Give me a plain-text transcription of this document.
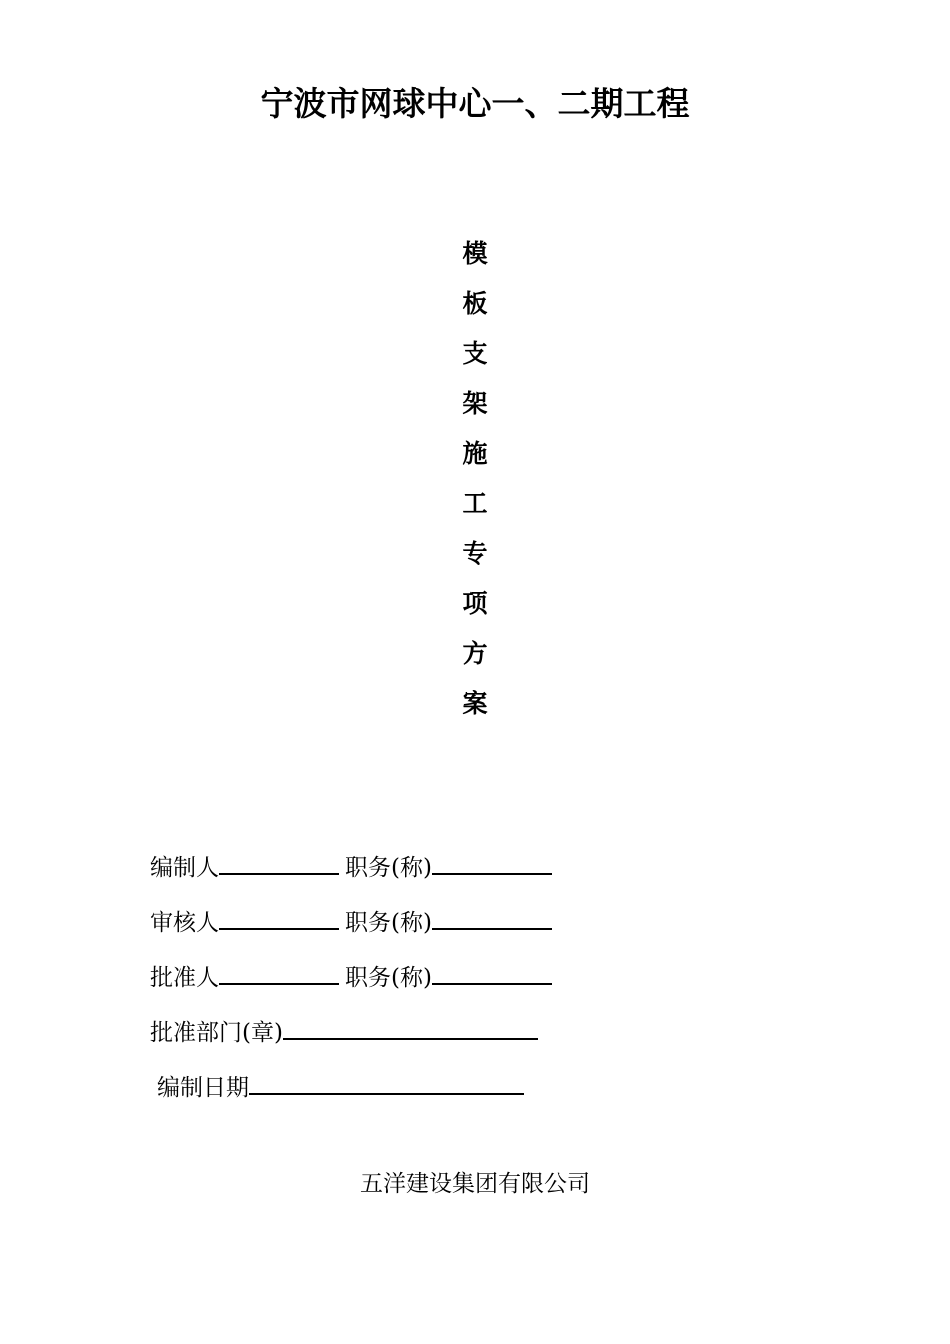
宁波市网球中心一、二期工程
模
板
支
架
施
工
专
项
方
案
编制人	职务(称)
审核人	职务(称)
批准人	职务(称)
批准部门(章)
编制日期
五洋建设集团有限公司
